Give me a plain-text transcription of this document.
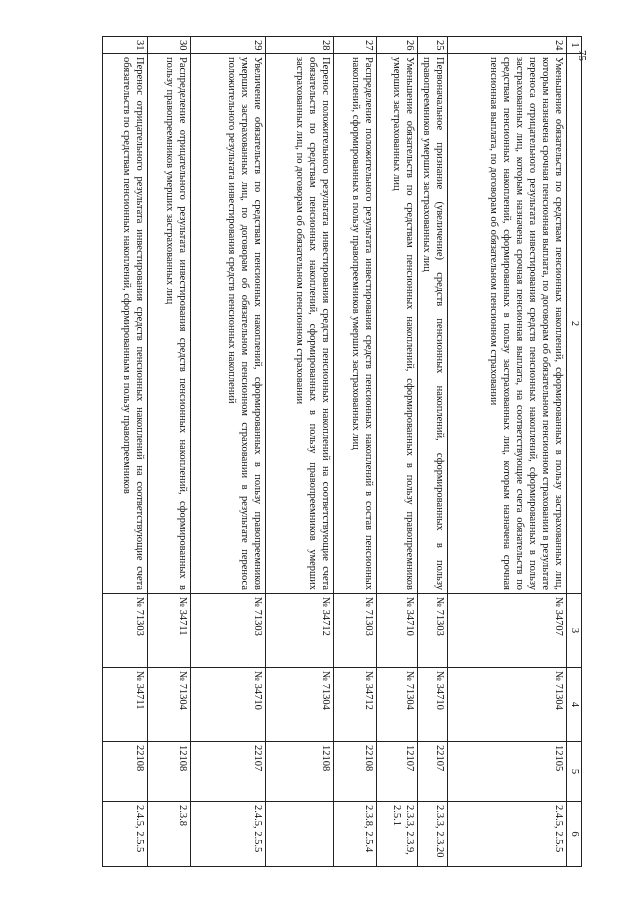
75
1	2	3	4	5	6
24	Уменьшение обязательств по средствам пенсионных накоплений, сформированных в пользу застрахованных лиц, которым назначена срочная пенсионная выплата, по договорам об обязательном пенсионном страховании в результате переноса отрицательного результата инвестирования средств пенсионных накоплений, сформированных в пользу застрахованных лиц, которым назначена срочная пенсионная выплата, на соответствующие счета обязательств по средствам пенсионных накоплений, сформированных в пользу застрахованных лиц, которым назначена срочная пенсионная выплата, по договорам об обязательном пенсионном страховании	№ 34707	№ 71304	12105	2.4.5, 2.5.5
25	Первоначальное признание (увеличение) средств пенсионных накоплений, сформированных в пользу правопреемников умерших застрахованных лиц	№ 71303	№ 34710	22107	2.3.3, 2.3.20
26	Уменьшение обязательств по средствам пенсионных накоплений, сформированных в пользу правопреемников умерших застрахованных лиц	№ 34710	№ 71304	12107	2.3.3, 2.3.9, 2.5.1
27	Распределение положительного результата инвестирования средств пенсионных накоплений в состав пенсионных накоплений, сформированных в пользу правопреемников умерших застрахованных лиц	№ 71303	№ 34712	22108	2.3.8, 2.5.4
28	Перенос положительного результата инвестирования средств пенсионных накоплений на соответствующие счета обязательств по средствам пенсионных накоплений, сформированных в пользу правопреемников умерших застрахованных лиц, по договорам об обязательном пенсионном страховании	№ 34712	№ 71304	12108	
29	Увеличение обязательств по средствам пенсионных накоплений, сформированных в пользу правопреемников умерших застрахованных лиц, по договорам об обязательном пенсионном страховании в результате переноса положительного результата инвестирования средств пенсионных накоплений	№ 71303	№ 34710	22107	2.4.5, 2.5.5
30	Распределение отрицательного результата инвестирования средств пенсионных накоплений, сформированных в пользу правопреемников умерших застрахованных лиц	№ 34711	№ 71304	12108	2.3.8
31	Перенос отрицательного результата инвестирования средств пенсионных накоплений на соответствующие счета обязательств по средствам пенсионных накоплений, сформированным в пользу правопреемников	№ 71303	№ 34711	22108	2.4.5, 2.5.5
